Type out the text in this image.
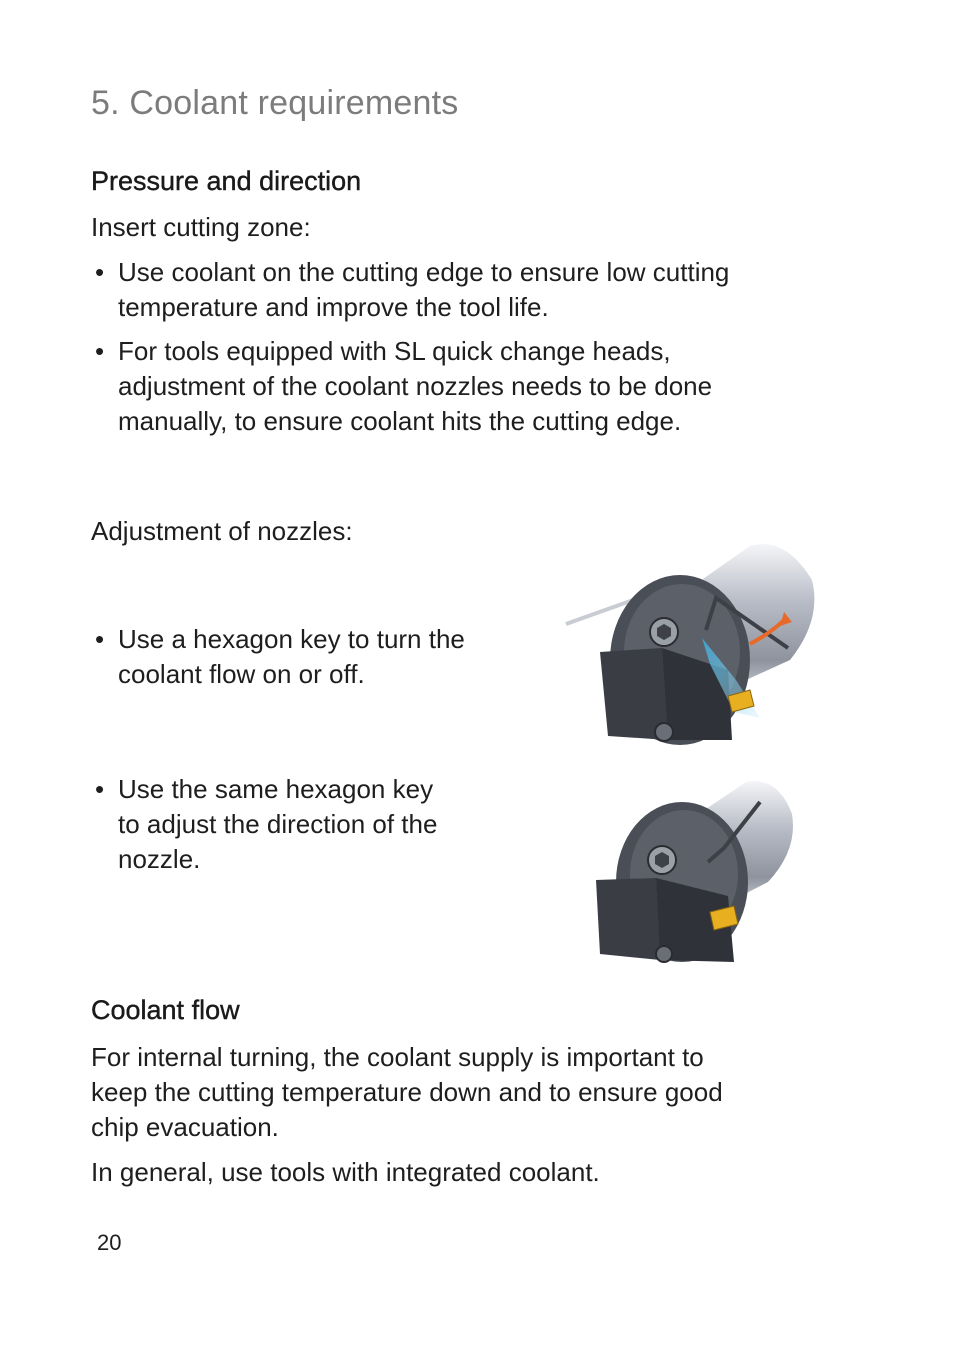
5. Coolant requirements
Pressure and direction

Insert cutting zone:

• Use coolant on the cutting edge to ensure low cutting
temperature and improve the tool life.
• For tools equipped with SL quick change heads,
adjustment of the coolant nozzles needs to be done
manually, to ensure coolant hits the cutting edge.

Adjustment of nozzles:

• Use a hexagon key to turn the
coolant flow on or off.
• Use the same hexagon key
to adjust the direction of the
nozzle.
Coolant flow
For internal turning, the coolant supply is important to
keep the cutting temperature down and to ensure good
chip evacuation.

In general, use tools with integrated coolant.

20
